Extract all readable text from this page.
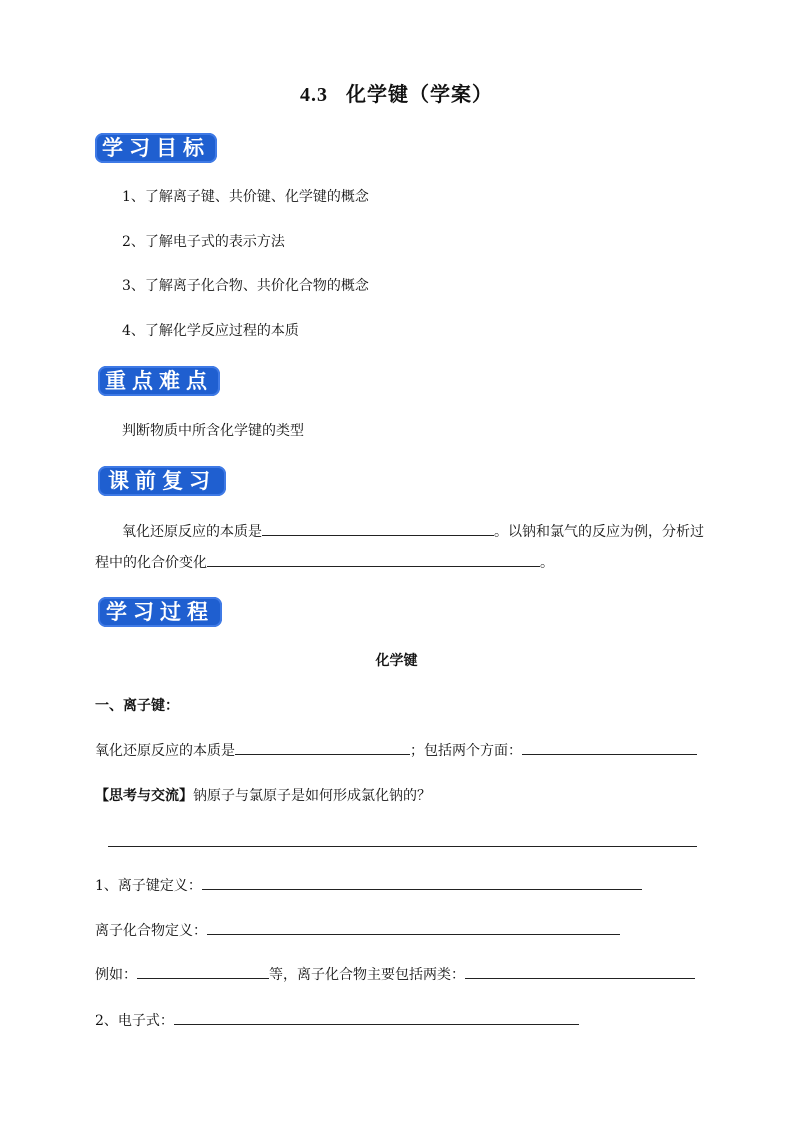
4.3 化学键（学案）
学习目标
1、了解离子键、共价键、化学键的概念
2、了解电子式的表示方法
3、了解离子化合物、共价化合物的概念
4、了解化学反应过程的本质
重点难点
判断物质中所含化学键的类型
课前复习
氧化还原反应的本质是	。以钠和氯气的反应为例，分析过
程中的化合价变化	。
学习过程
化学键
一、离子键：
氧化还原反应的本质是	；包括两个方面：
【思考与交流】钠原子与氯原子是如何形成氯化钠的？
1、离子键定义：
离子化合物定义：
例如：	等，离子化合物主要包括两类：
2、电子式：
